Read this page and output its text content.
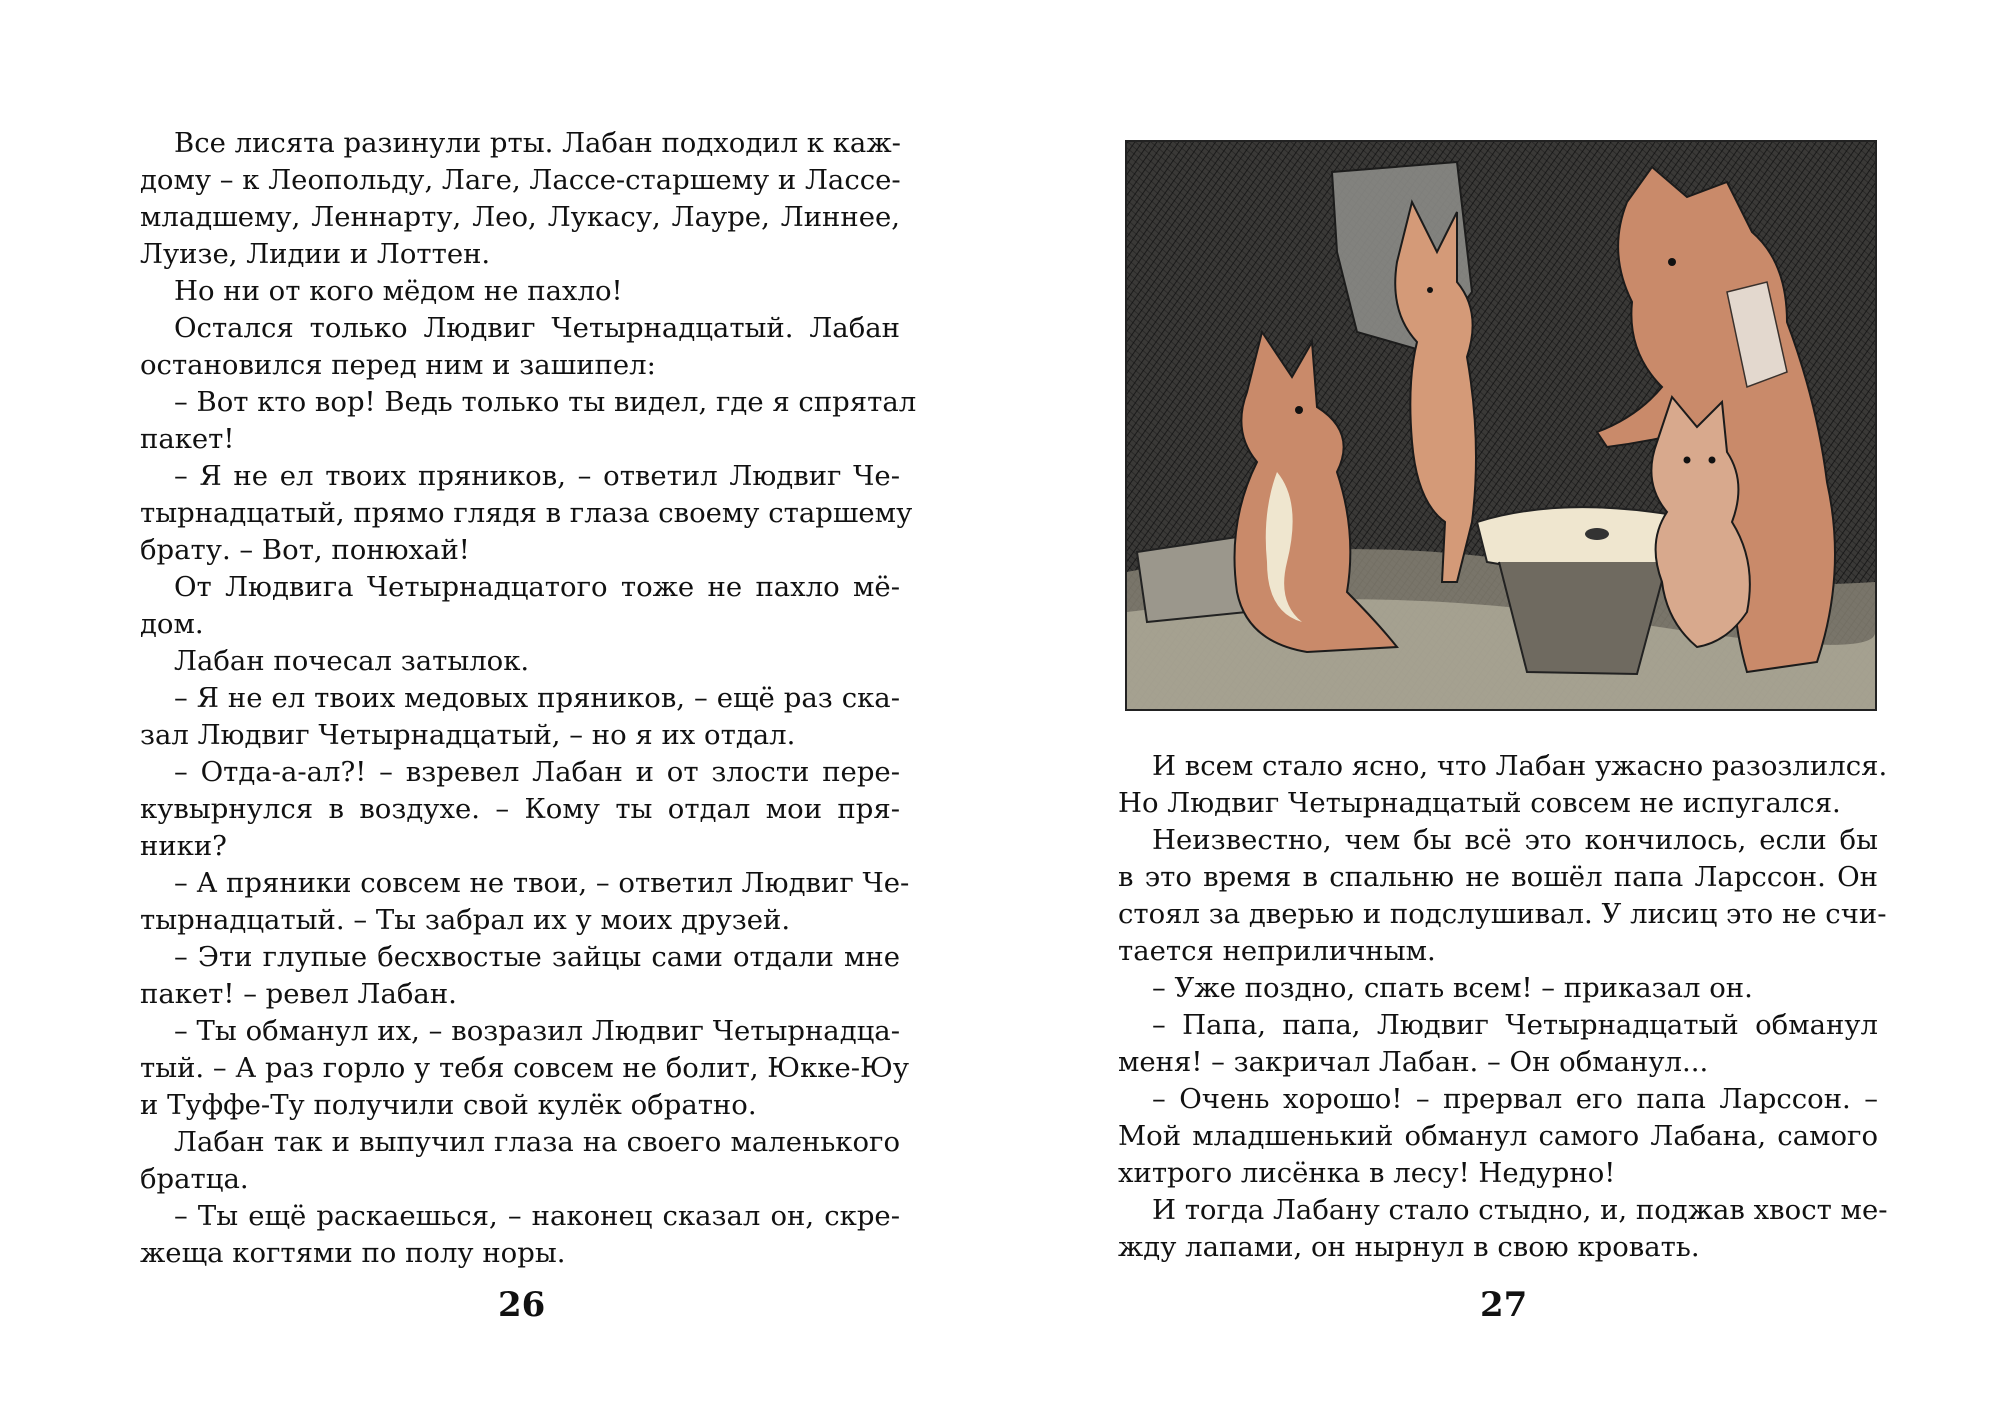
Все лисята разинули рты. Лабан подходил к каж-
дому – к Леопольду, Лаге, Лассе-старшему и Лассе-
младшему, Леннарту, Лео, Лукасу, Лауре, Линнее,
Луизе, Лидии и Лоттен.
Но ни от кого мёдом не пахло!
Остался только Людвиг Четырнадцатый. Лабан
остановился перед ним и зашипел:
– Вот кто вор! Ведь только ты видел, где я спрятал
пакет!
– Я не ел твоих пряников, – ответил Людвиг Че-
тырнадцатый, прямо глядя в глаза своему старшему
брату. – Вот, понюхай!
От Людвига Четырнадцатого тоже не пахло мё-
дом.
Лабан почесал затылок.
– Я не ел твоих медовых пряников, – ещё раз ска-
зал Людвиг Четырнадцатый, – но я их отдал.
– Отда-а-ал?! – взревел Лабан и от злости пере-
кувырнулся в воздухе. – Кому ты отдал мои пря-
ники?
– А пряники совсем не твои, – ответил Людвиг Че-
тырнадцатый. – Ты забрал их у моих друзей.
– Эти глупые бесхвостые зайцы сами отдали мне
пакет! – ревел Лабан.
– Ты обманул их, – возразил Людвиг Четырнадца-
тый. – А раз горло у тебя совсем не болит, Юкке-Юу
и Туффе-Ту получили свой кулёк обратно.
Лабан так и выпучил глаза на своего маленького
братца.
– Ты ещё раскаешься, – наконец сказал он, скре-
жеща когтями по полу норы.
26
И всем стало ясно, что Лабан ужасно разозлился.
Но Людвиг Четырнадцатый совсем не испугался.
Неизвестно, чем бы всё это кончилось, если бы
в это время в спальню не вошёл папа Ларссон. Он
стоял за дверью и подслушивал. У лисиц это не счи-
тается неприличным.
– Уже поздно, спать всем! – приказал он.
– Папа, папа, Людвиг Четырнадцатый обманул
меня! – закричал Лабан. – Он обманул...
– Очень хорошо! – прервал его папа Ларссон. –
Мой младшенький обманул самого Лабана, самого
хитрого лисёнка в лесу! Недурно!
И тогда Лабану стало стыдно, и, поджав хвост ме-
жду лапами, он нырнул в свою кровать.
27
